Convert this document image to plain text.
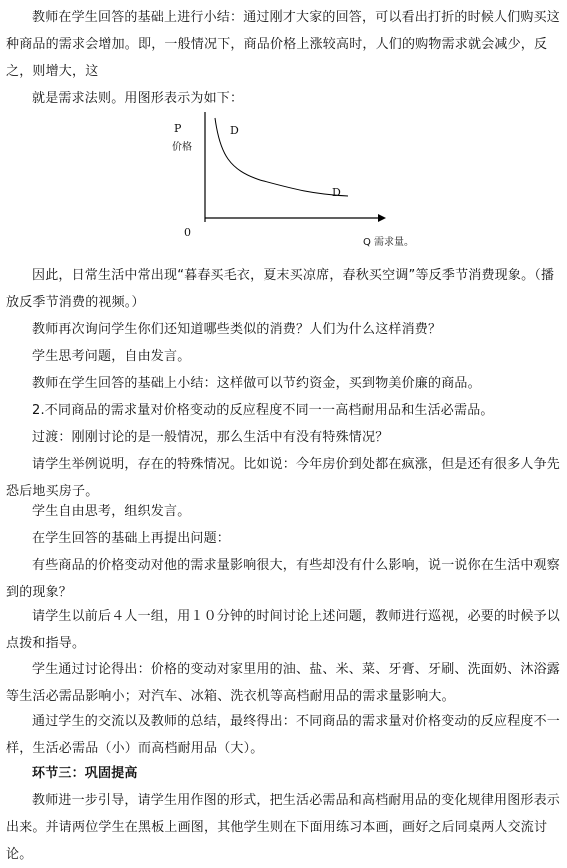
教师在学生回答的基础上进行小结：通过刚才大家的回答，可以看出打折的时候人们购买这种商品的需求会增加。即，一般情况下，商品价格上涨较高时，人们的购物需求就会减少，反之，则增大，这

就是需求法则。用图形表示为如下：

P
价格
D
D
0
Q 需求量。

因此，日常生活中常出现“暮春买毛衣，夏末买凉席，春秋买空调”等反季节消费现象。（播放反季节消费的视频。）

教师再次询问学生你们还知道哪些类似的消费？人们为什么这样消费？

学生思考问题，自由发言。

教师在学生回答的基础上小结：这样做可以节约资金，买到物美价廉的商品。

2.不同商品的需求量对价格变动的反应程度不同一一高档耐用品和生活必需品。

过渡：刚刚讨论的是一般情况，那么生活中有没有特殊情况？

请学生举例说明，存在的特殊情况。比如说：今年房价到处都在疯涨，但是还有很多人争先恐后地买房子。

学生自由思考，组织发言。

在学生回答的基础上再提出问题：

有些商品的价格变动对他的需求量影响很大，有些却没有什么影响，说一说你在生活中观察到的现象？

请学生以前后４人一组，用１０分钟的时间讨论上述问题，教师进行巡视，必要的时候予以点拨和指导。

学生通过讨论得出：价格的变动对家里用的油、盐、米、菜、牙膏、牙刷、洗面奶、沐浴露等生活必需品影响小；对汽车、冰箱、洗衣机等高档耐用品的需求量影响大。

通过学生的交流以及教师的总结，最终得出：不同商品的需求量对价格变动的反应程度不一样，生活必需品（小）而高档耐用品（大）。

环节三：巩固提高

教师进一步引导，请学生用作图的形式，把生活必需品和高档耐用品的变化规律用图形表示出来。并请两位学生在黑板上画图，其他学生则在下面用练习本画，画好之后同桌两人交流讨论。
